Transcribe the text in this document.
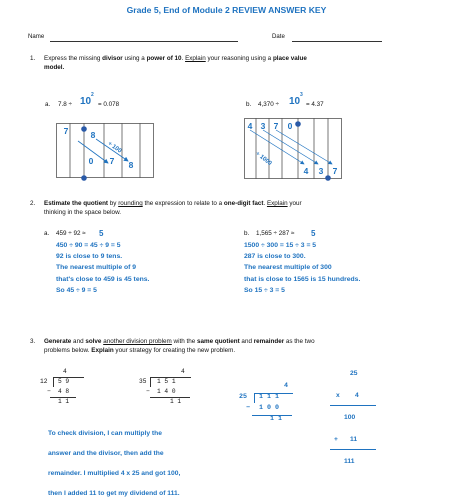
Grade 5, End of Module 2 REVIEW ANSWER KEY
Name	Date
1. Express the missing divisor using a power of 10. Explain your reasoning using a place value
model.
a. 7.8 ÷ 10
2
= 0.078	b. 4,370 ÷ 10
3
= 4.37
7	8
0	7	8
÷ 100
4 3 7	0
4	3	7
÷ 1000
2. Estimate the quotient by rounding the expression to relate to a one-digit fact. Explain your
thinking in the space below.
a. 459 ÷ 92 ≈ 5
450 ÷ 90 = 45 ÷ 9 = 5
92 is close to 9 tens.
The nearest multiple of 9
that's close to 459 is 45 tens.
So 45 ÷ 9 = 5
b. 1,565 ÷ 287 ≈ 5
1500 ÷ 300 = 15 ÷ 3 = 5
287 is close to 300.
The nearest multiple of 300
that is close to 1565 is 15 hundreds.
So 15 ÷ 3 = 5
3. Generate and solve another division problem with the same quotient and remainder as the two
problems below. Explain your strategy for creating the new problem.
4
12 5 9
− 4 8
1 1
4
35 1 5 1
− 1 4 0
1 1
4
25 1 1 1
− 1 0 0
1 1
25
x 4
100
+ 11
111
To check division, I can multiply the
answer and the divisor, then add the
remainder. I multiplied 4 x 25 and got 100,
then I added 11 to get my dividend of 111.
